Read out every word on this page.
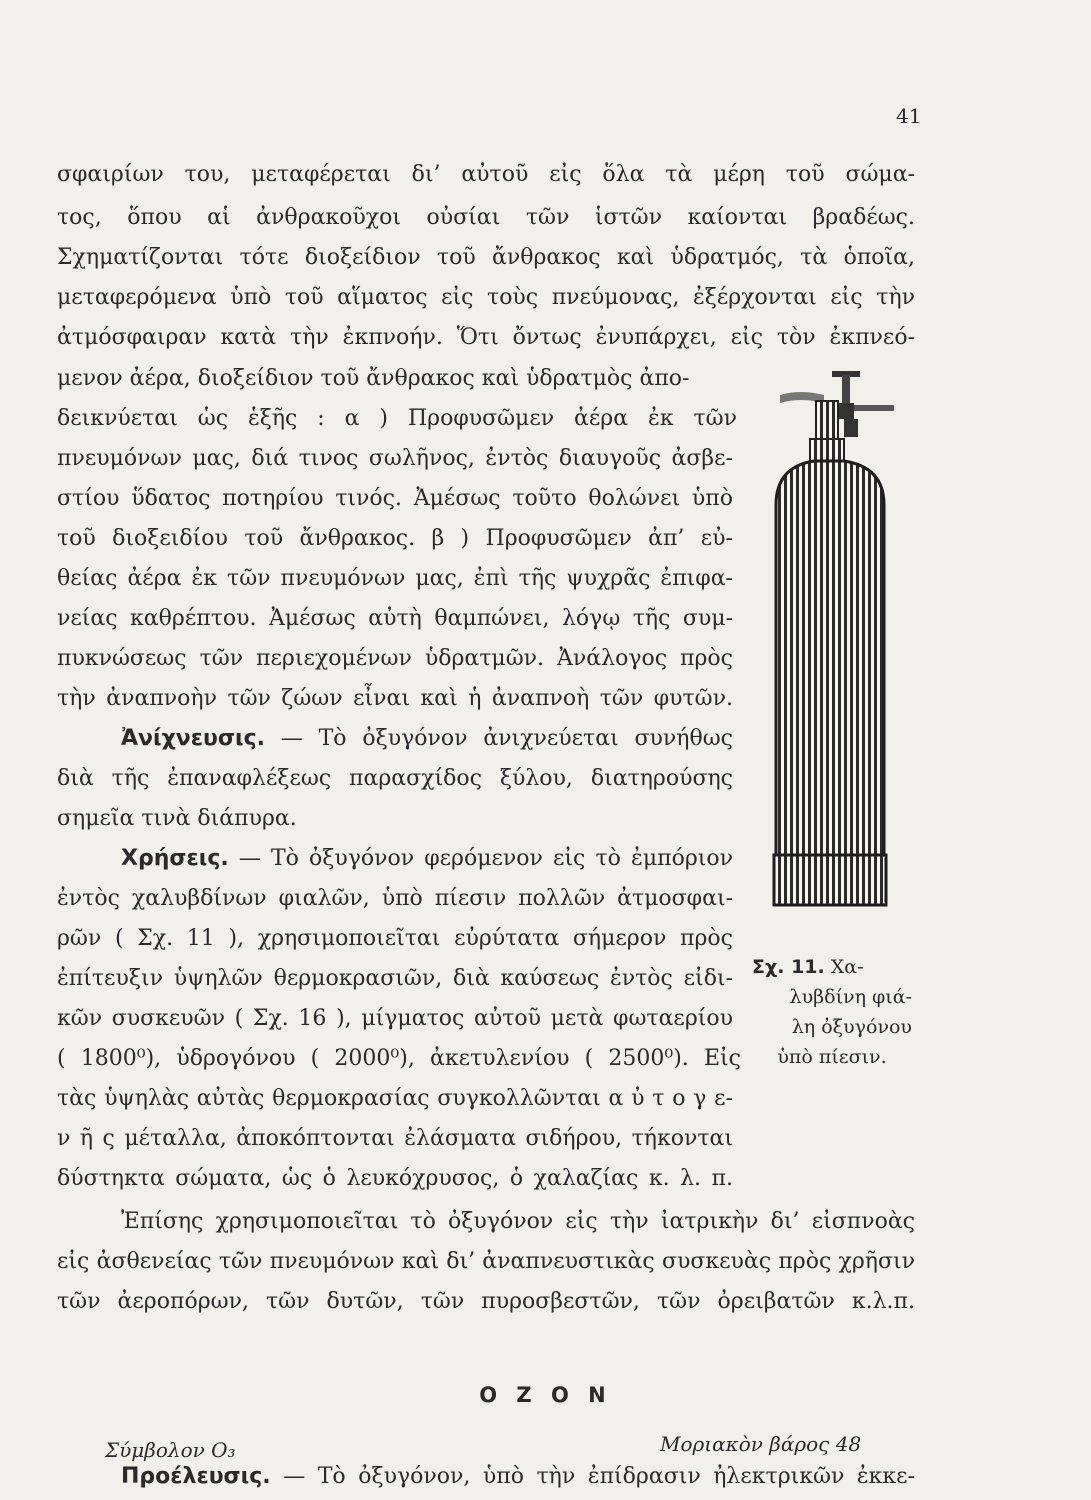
41
σφαιρίων του, μεταφέρεται δι’ αὐτοῦ εἰς ὅλα τὰ μέρη τοῦ σώμα-
τος, ὅπου αἱ ἀνθρακοῦχοι οὐσίαι τῶν ἱστῶν καίονται βραδέως.
Σχηματίζονται τότε διοξείδιον τοῦ ἄνθρακος καὶ ὑδρατμός, τὰ ὁποῖα,
μεταφερόμενα ὑπὸ τοῦ αἵματος εἰς τοὺς πνεύμονας, ἐξέρχονται εἰς τὴν
ἀτμόσφαιραν κατὰ τὴν ἐκπνοήν. Ὅτι ὄντως ἐνυπάρχει, εἰς τὸν ἐκπνεό-
μενον ἀέρα, διοξείδιον τοῦ ἄνθρακος καὶ ὑδρατμὸς ἀπο-
δεικνύεται ὡς ἑξῆς : α ) Προφυσῶμεν ἀέρα ἐκ τῶν
πνευμόνων μας, διά τινος σωλῆνος, ἐντὸς διαυγοῦς ἀσβε-
στίου ὕδατος ποτηρίου τινός. Ἀμέσως τοῦτο θολώνει ὑπὸ
τοῦ διοξειδίου τοῦ ἄνθρακος. β ) Προφυσῶμεν ἀπ’ εὐ-
θείας ἀέρα ἐκ τῶν πνευμόνων μας, ἐπὶ τῆς ψυχρᾶς ἐπιφα-
νείας καθρέπτου. Ἀμέσως αὐτὴ θαμπώνει, λόγῳ τῆς συμ-
πυκνώσεως τῶν περιεχομένων ὑδρατμῶν. Ἀνάλογος πρὸς
τὴν ἀναπνοὴν τῶν ζώων εἶναι καὶ ἡ ἀναπνοὴ τῶν φυτῶν.
Ἀνίχνευσις. — Τὸ ὀξυγόνον ἀνιχνεύεται συνήθως
διὰ τῆς ἐπαναφλέξεως παρασχίδος ξύλου, διατηρούσης
σημεῖα τινὰ διάπυρα.
Χρήσεις. — Τὸ ὀξυγόνον φερόμενον εἰς τὸ ἐμπόριον
ἐντὸς χαλυβδίνων φιαλῶν, ὑπὸ πίεσιν πολλῶν ἀτμοσφαι-
ρῶν ( Σχ. 11 ), χρησιμοποιεῖται εὐρύτατα σήμερον πρὸς
ἐπίτευξιν ὑψηλῶν θερμοκρασιῶν, διὰ καύσεως ἐντὸς εἰδι-
κῶν συσκευῶν ( Σχ. 16 ), μίγματος αὐτοῦ μετὰ φωταερίου
( 1800⁰), ὑδρογόνου ( 2000⁰), ἀκετυλενίου ( 2500⁰). Εἰς
τὰς ὑψηλὰς αὐτὰς θερμοκρασίας συγκολλῶνται α ὐ τ ο γ ε-
ν ῆ ς μέταλλα, ἀποκόπτονται ἐλάσματα σιδήρου, τήκονται
δύστηκτα σώματα, ὡς ὁ λευκόχρυσος, ὁ χαλαζίας κ. λ. π.
Σχ. 11. Χα-
λυβδίνη φιά-
λη ὀξυγόνου
ὑπὸ πίεσιν.
Ἐπίσης χρησιμοποιεῖται τὸ ὀξυγόνον εἰς τὴν ἰατρικὴν δι’ εἰσπνοὰς
εἰς ἀσθενείας τῶν πνευμόνων καὶ δι’ ἀναπνευστικὰς συσκευὰς πρὸς χρῆσιν
τῶν ἀεροπόρων, τῶν δυτῶν, τῶν πυροσβεστῶν, τῶν ὀρειβατῶν κ.λ.π.
Ο Ζ Ο Ν
Σύμβολον O₃	Μοριακὸν βάρος 48
Προέλευσις. — Τὸ ὀξυγόνον, ὑπὸ τὴν ἐπίδρασιν ἠλεκτρικῶν ἐκκε-
